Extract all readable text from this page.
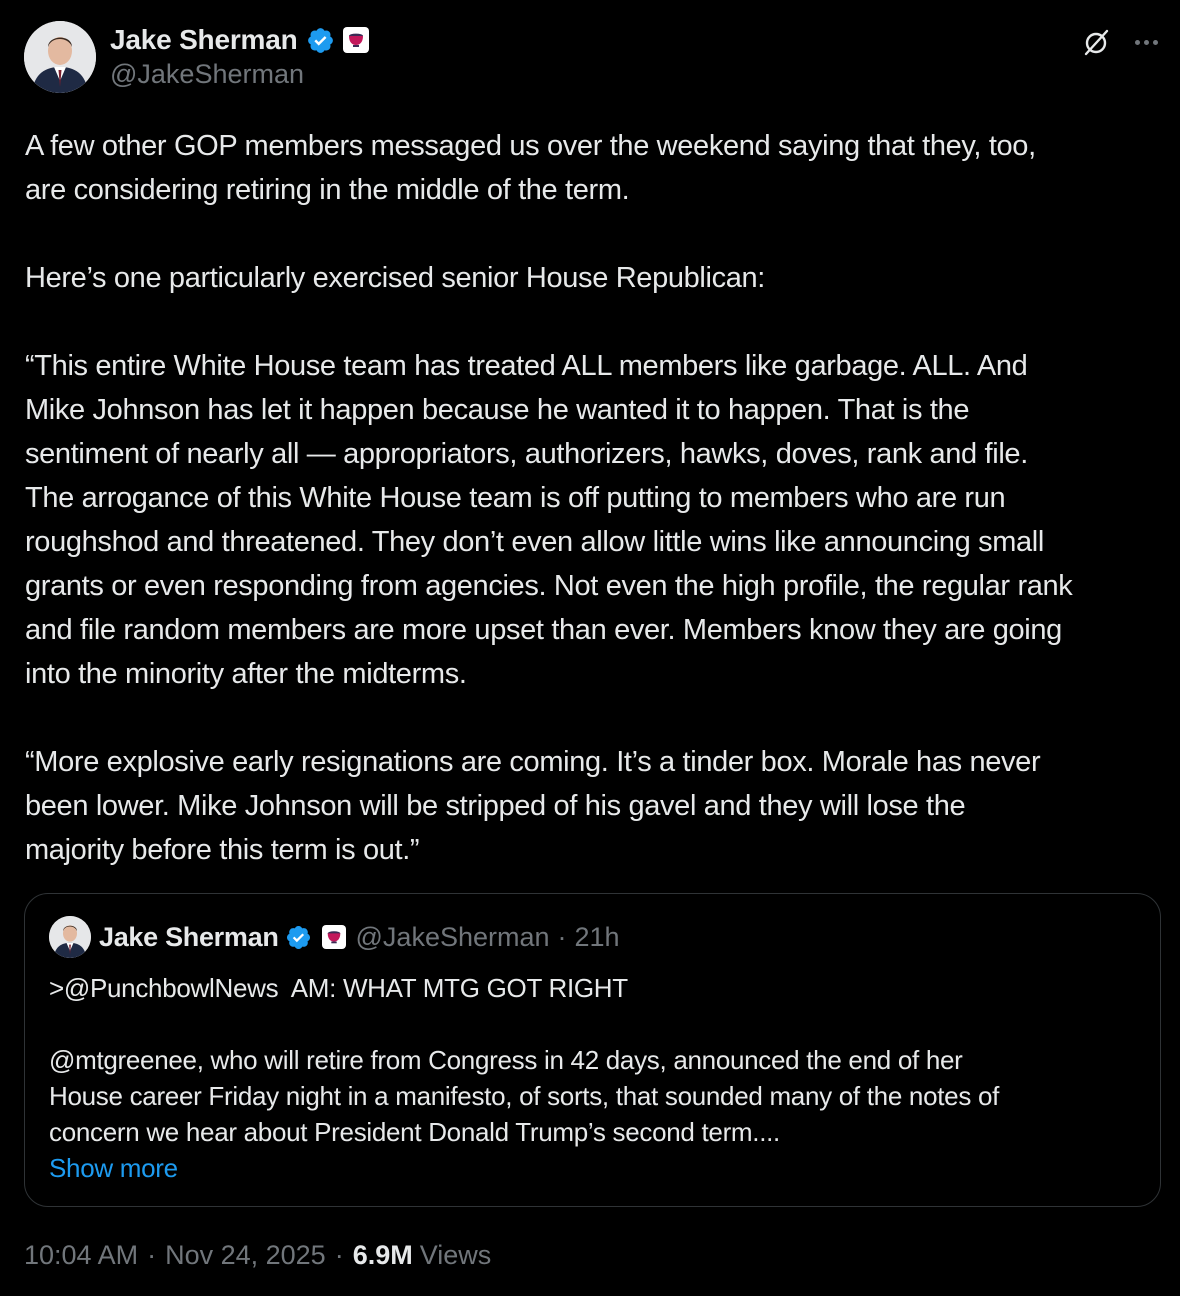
Jake Sherman
@JakeSherman

A few other GOP members messaged us over the weekend saying that they, too,

are considering retiring in the middle of the term.

Here’s one particularly exercised senior House Republican:

“This entire White House team has treated ALL members like garbage. ALL. And

Mike Johnson has let it happen because he wanted it to happen. That is the

sentiment of nearly all — appropriators, authorizers, hawks, doves, rank and file.

The arrogance of this White House team is off putting to members who are run

roughshod and threatened. They don’t even allow little wins like announcing small

grants or even responding from agencies. Not even the high profile, the regular rank

and file random members are more upset than ever. Members know they are going

into the minority after the midterms.

“More explosive early resignations are coming. It’s a tinder box. Morale has never

been lower. Mike Johnson will be stripped of his gavel and they will lose the

majority before this term is out.”

Jake Sherman	@JakeSherman · 21h

>@PunchbowlNews  AM: WHAT MTG GOT RIGHT

@mtgreenee, who will retire from Congress in 42 days, announced the end of her

House career Friday night in a manifesto, of sorts, that sounded many of the notes of

concern we hear about President Donald Trump’s second term....

Show more
10:04 AM · Nov 24, 2025 · 6.9M Views
